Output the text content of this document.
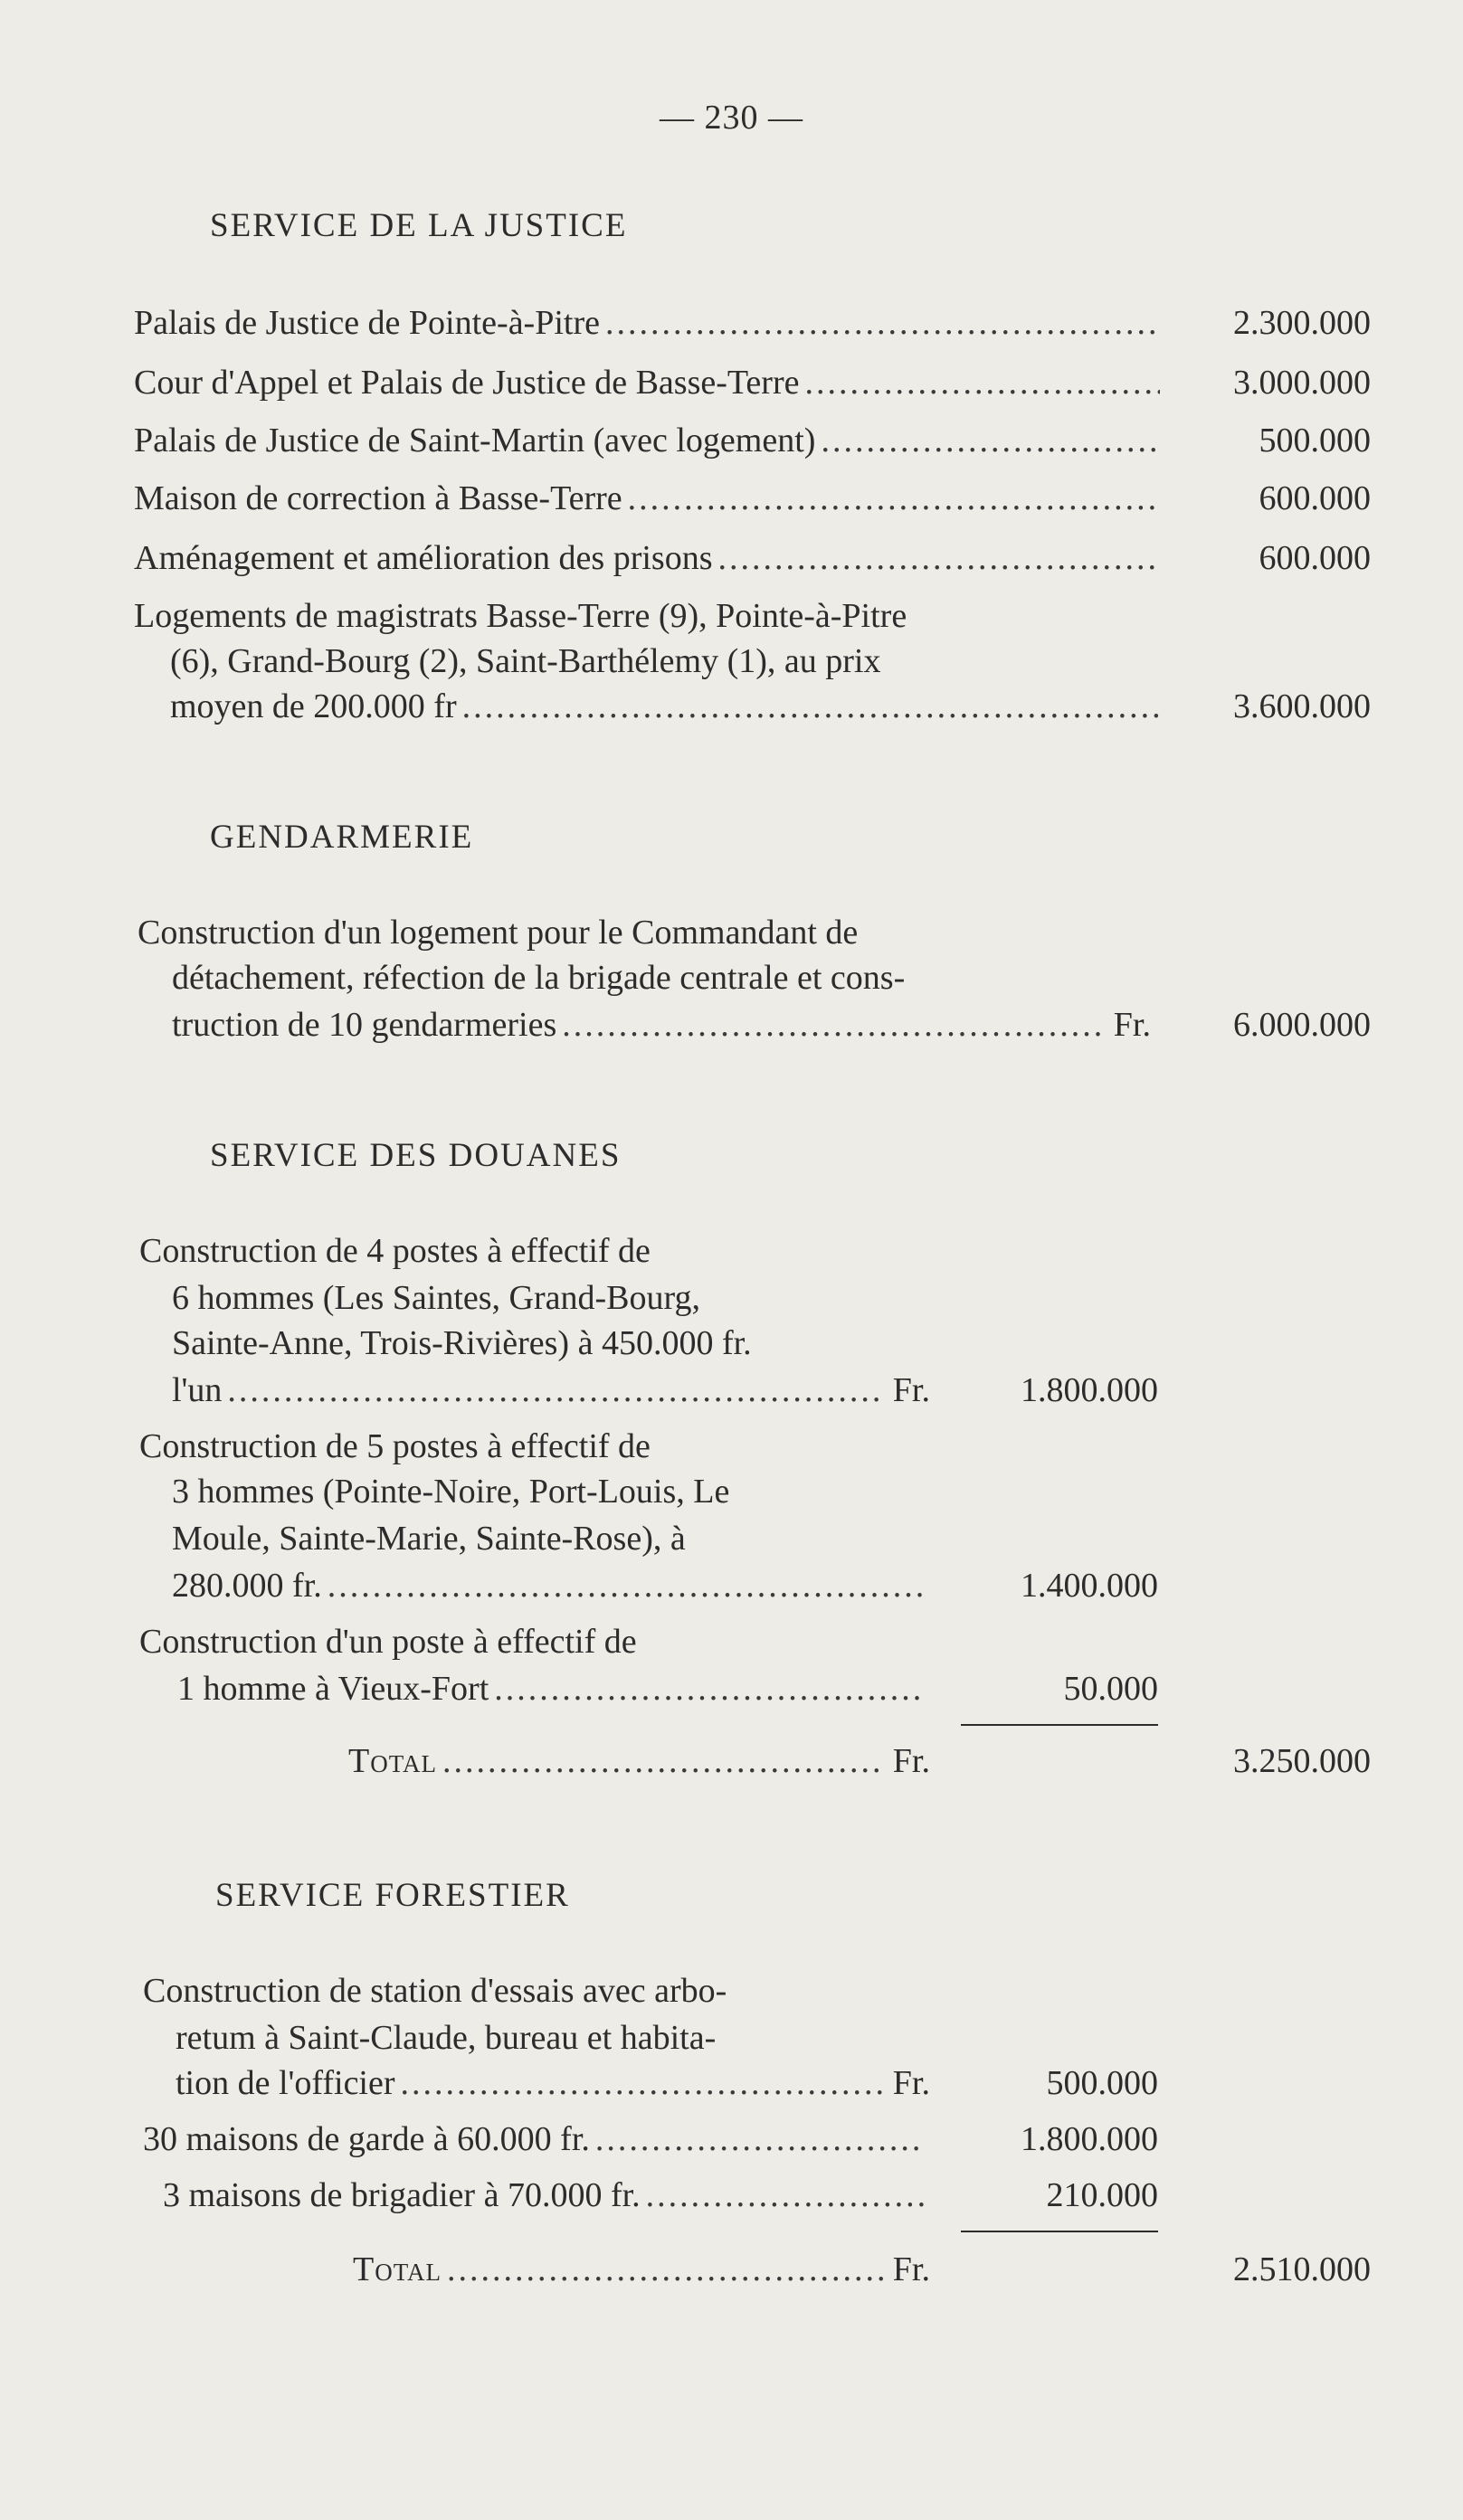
— 230 —
SERVICE DE LA JUSTICE
Palais de Justice de Pointe-à-Pitre .....	2.300.000
Cour d'Appel et Palais de Justice de Basse-Terre .....	3.000.000
Palais de Justice de Saint-Martin (avec logement) .....	500.000
Maison de correction à Basse-Terre .....	600.000
Aménagement et amélioration des prisons .....	600.000
Logements de magistrats Basse-Terre (9), Pointe-à-Pitre
(6), Grand-Bourg (2), Saint-Barthélemy (1), au prix
moyen de 200.000 fr .....	3.600.000
GENDARMERIE
Construction d'un logement pour le Commandant de
détachement, réfection de la brigade centrale et cons-
truction de 10 gendarmeries .....	Fr.	6.000.000
SERVICE DES DOUANES
Construction de 4 postes à effectif de
6 hommes (Les Saintes, Grand-Bourg,
Sainte-Anne, Trois-Rivières) à 450.000 fr.
l'un .....	Fr.	1.800.000
Construction de 5 postes à effectif de
3 hommes (Pointe-Noire, Port-Louis, Le
Moule, Sainte-Marie, Sainte-Rose), à
280.000 fr. .....	1.400.000
Construction d'un poste à effectif de
1 homme à Vieux-Fort .....	50.000
Total .....	Fr.	3.250.000
SERVICE FORESTIER
Construction de station d'essais avec arbo-
retum à Saint-Claude, bureau et habita-
tion de l'officier .....	Fr.	500.000
30 maisons de garde à 60.000 fr. .....	1.800.000
3 maisons de brigadier à 70.000 fr. .....	210.000
Total .....	Fr.	2.510.000
